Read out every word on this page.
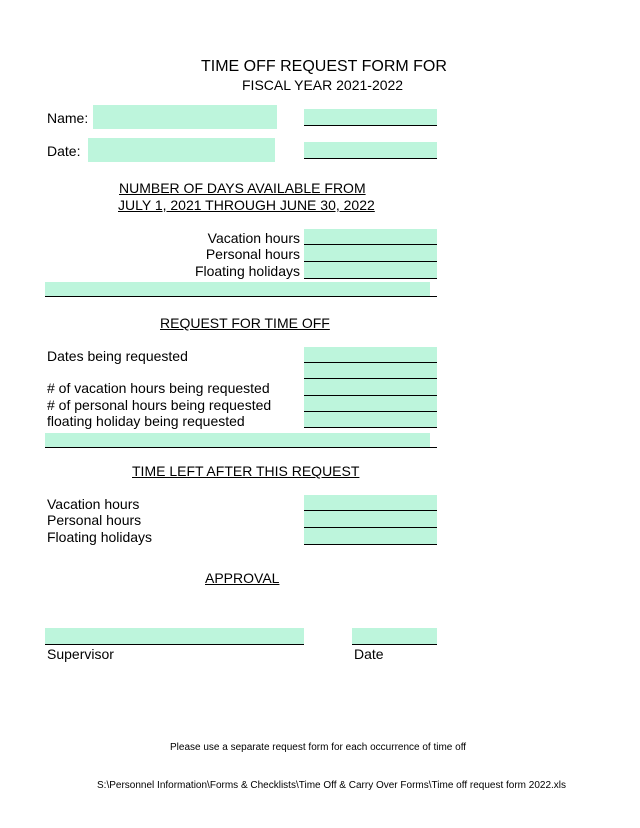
TIME OFF REQUEST FORM FOR
FISCAL YEAR 2021-2022
Name:
Date:
NUMBER OF DAYS AVAILABLE FROM
JULY 1, 2021 THROUGH JUNE 30, 2022
Vacation hours
Personal hours
Floating holidays
REQUEST FOR TIME OFF
Dates being requested
# of vacation hours being requested
# of personal hours being requested
floating holiday being requested
TIME LEFT AFTER THIS REQUEST
Vacation hours
Personal hours
Floating holidays
APPROVAL
Supervisor	Date
Please use a separate request form for each occurrence of time off
S:\Personnel Information\Forms & Checklists\Time Off & Carry Over Forms\Time off request form 2022.xls
